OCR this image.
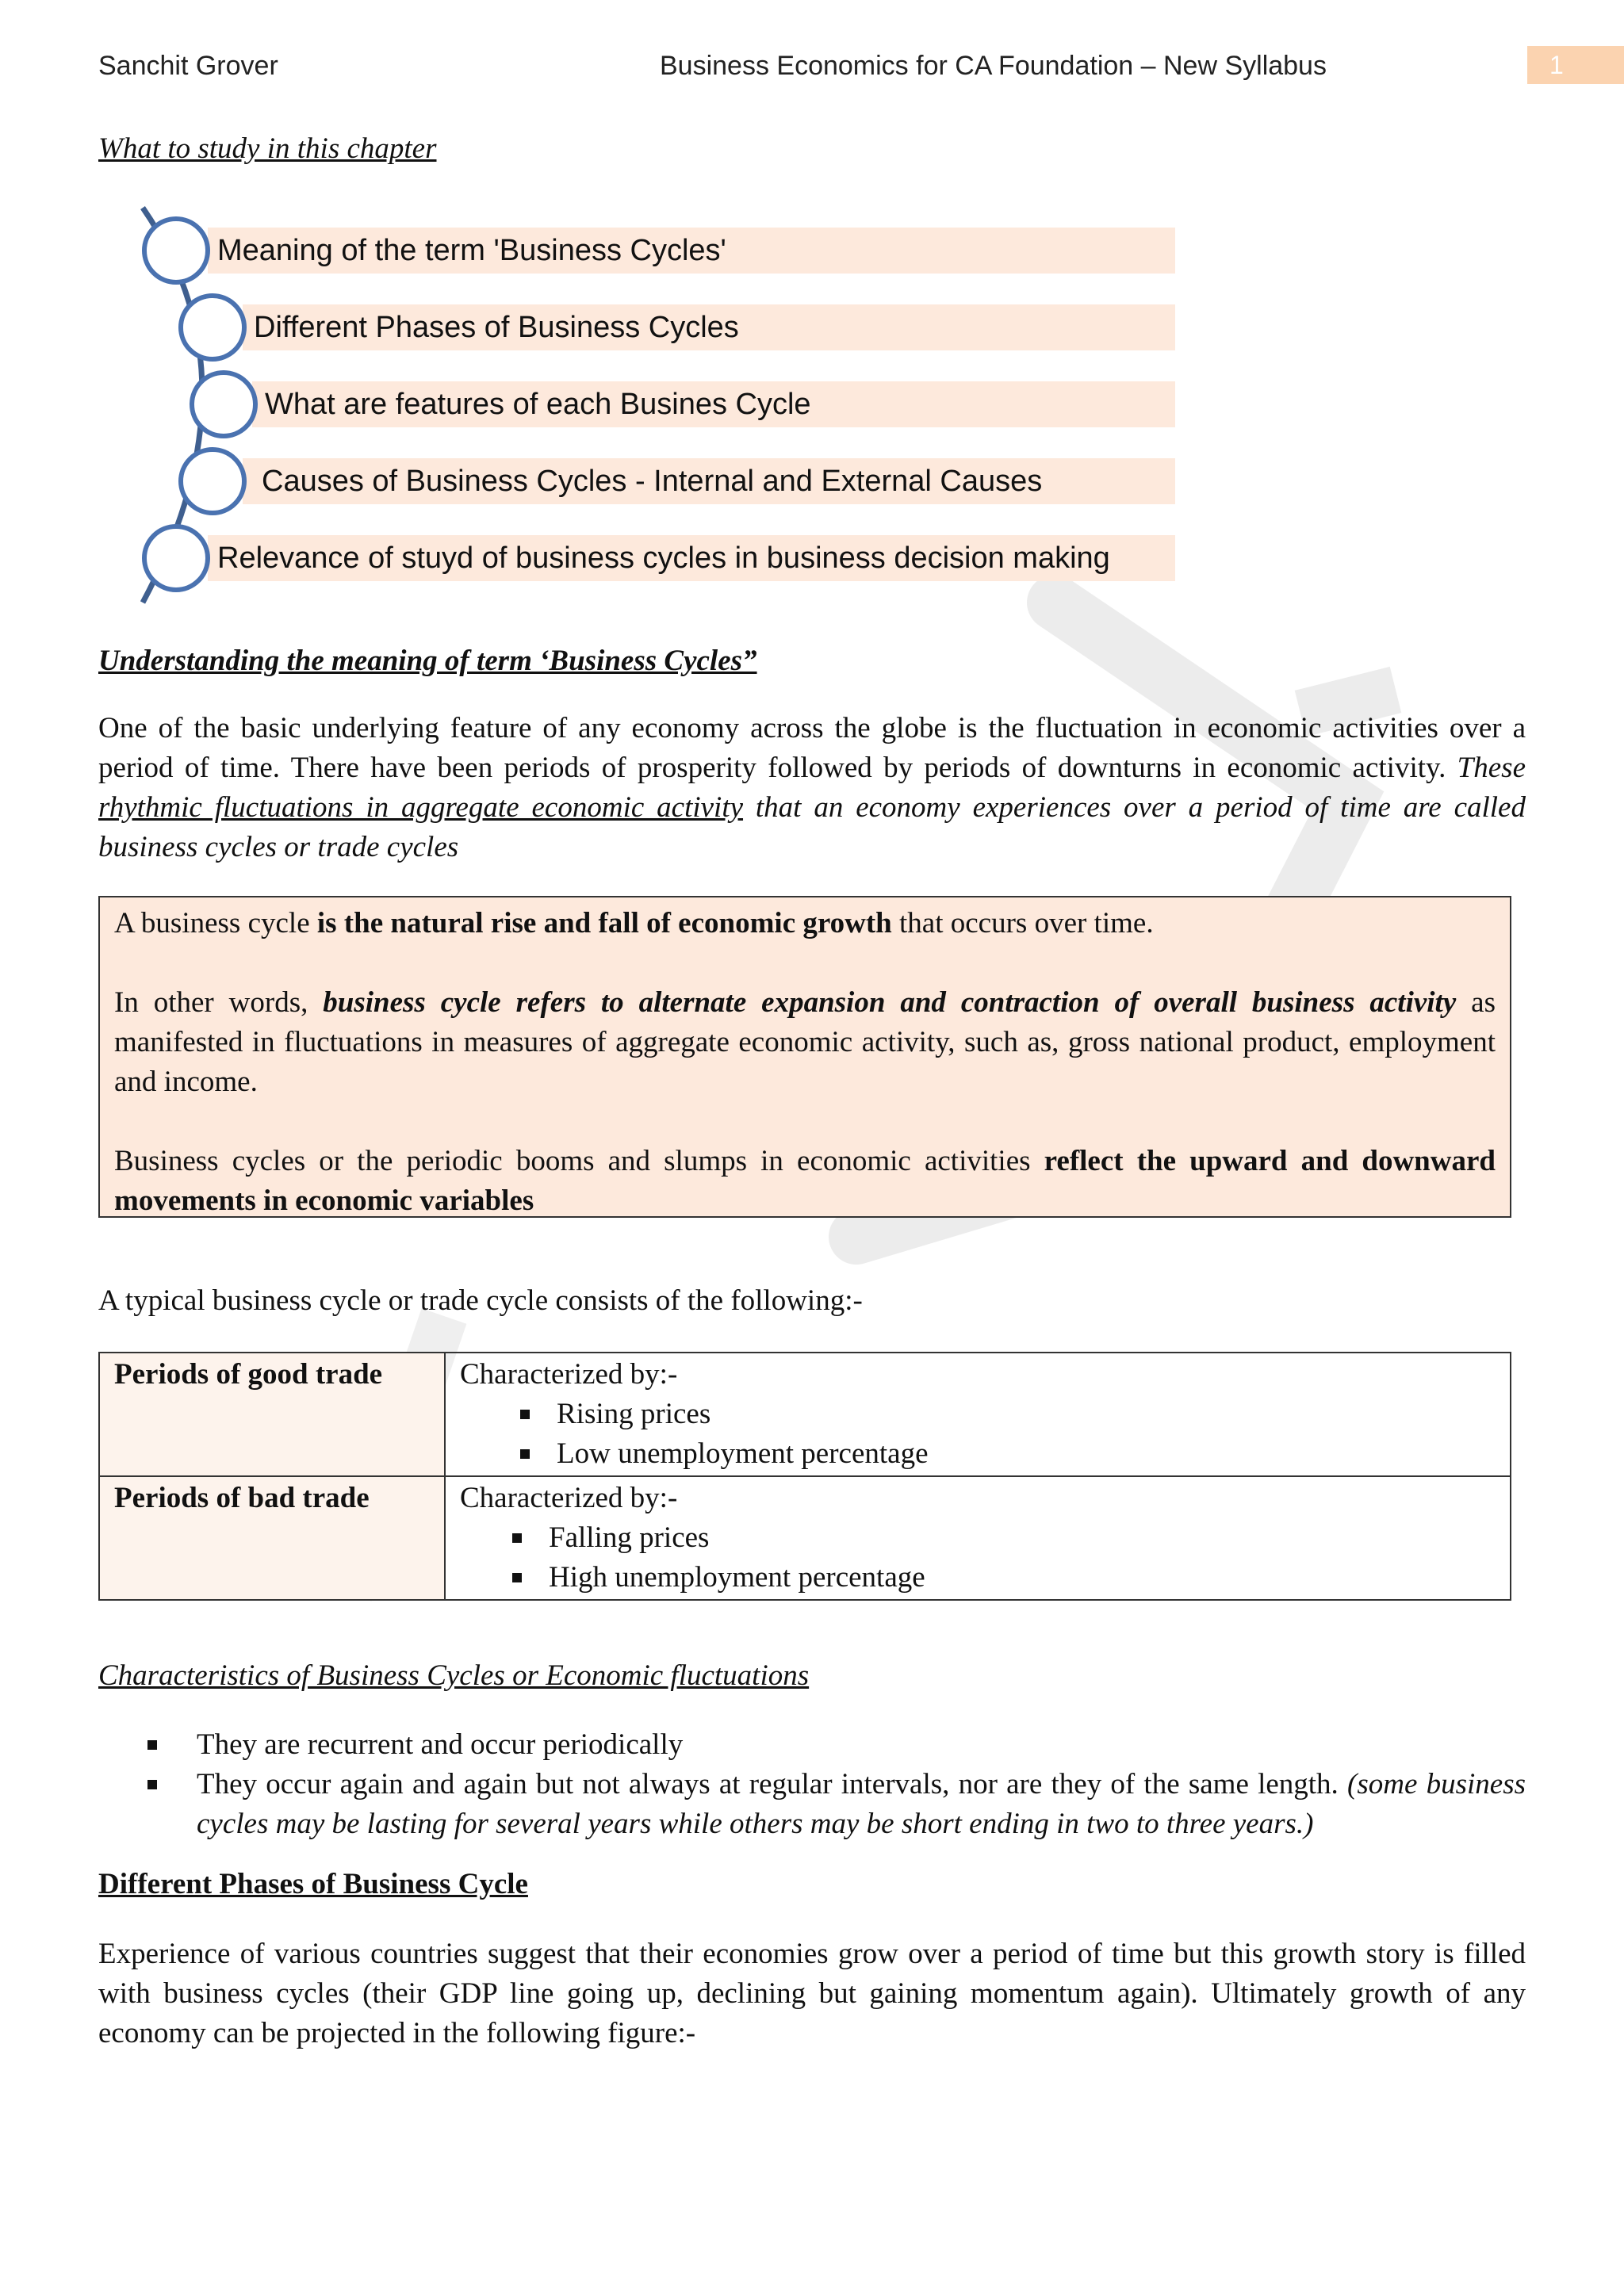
Sanchit Grover	Business Economics for CA Foundation – New Syllabus	1
What to study in this chapter
Meaning of the term 'Business Cycles'
Different Phases of Business Cycles
What are features of each Busines Cycle
Causes of Business Cycles - Internal and External Causes
Relevance of stuyd of business cycles in business decision making
Understanding the meaning of term ‘Business Cycles”

One of the basic underlying feature of any economy across the globe is the fluctuation in economic activities over a period of time. There have been periods of prosperity followed by periods of downturns in economic activity. These rhythmic fluctuations in aggregate economic activity that an economy experiences over a period of time are called business cycles or trade cycles

A business cycle is the natural rise and fall of economic growth that occurs over time.

In other words, business cycle refers to alternate expansion and contraction of overall business activity as manifested in fluctuations in measures of aggregate economic activity, such as, gross national product, employment and income.

Business cycles or the periodic booms and slumps in economic activities reflect the upward and downward movements in economic variables

A typical business cycle or trade cycle consists of the following:-
Periods of good trade	Characterized by:-
Rising prices
Low unemployment percentage

Periods of bad trade	Characterized by:-
Falling prices
High unemployment percentage
Characteristics of Business Cycles or Economic fluctuations
They are recurrent and occur periodically
They occur again and again but not always at regular intervals, nor are they of the same length. (some business cycles may be lasting for several years while others may be short ending in two to three years.)
Different Phases of Business Cycle
Experience of various countries suggest that their economies grow over a period of time but this growth story is filled with business cycles (their GDP line going up, declining but gaining momentum again). Ultimately growth of any economy can be projected in the following figure:-
